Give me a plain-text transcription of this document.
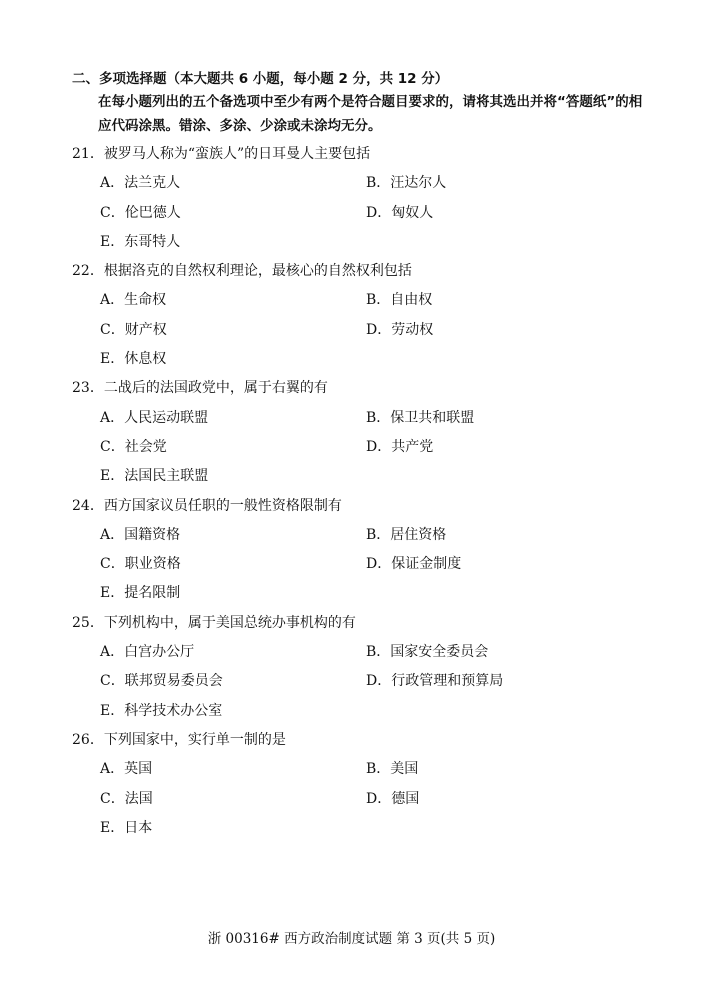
二、多项选择题（本大题共 6 小题，每小题 2 分，共 12 分）
在每小题列出的五个备选项中至少有两个是符合题目要求的，请将其选出并将“答题纸”的相应代码涂黑。错涂、多涂、少涂或未涂均无分。
21．被罗马人称为“蛮族人”的日耳曼人主要包括
A．法兰克人	B．汪达尔人
C．伦巴德人	D．匈奴人
E．东哥特人
22．根据洛克的自然权利理论，最核心的自然权利包括
A．生命权	B．自由权
C．财产权	D．劳动权
E．休息权
23．二战后的法国政党中，属于右翼的有
A．人民运动联盟	B．保卫共和联盟
C．社会党	D．共产党
E．法国民主联盟
24．西方国家议员任职的一般性资格限制有
A．国籍资格	B．居住资格
C．职业资格	D．保证金制度
E．提名限制
25．下列机构中，属于美国总统办事机构的有
A．白宫办公厅	B．国家安全委员会
C．联邦贸易委员会	D．行政管理和预算局
E．科学技术办公室
26．下列国家中，实行单一制的是
A．英国	B．美国
C．法国	D．德国
E．日本
浙 00316# 西方政治制度试题 第 3 页(共 5 页)
